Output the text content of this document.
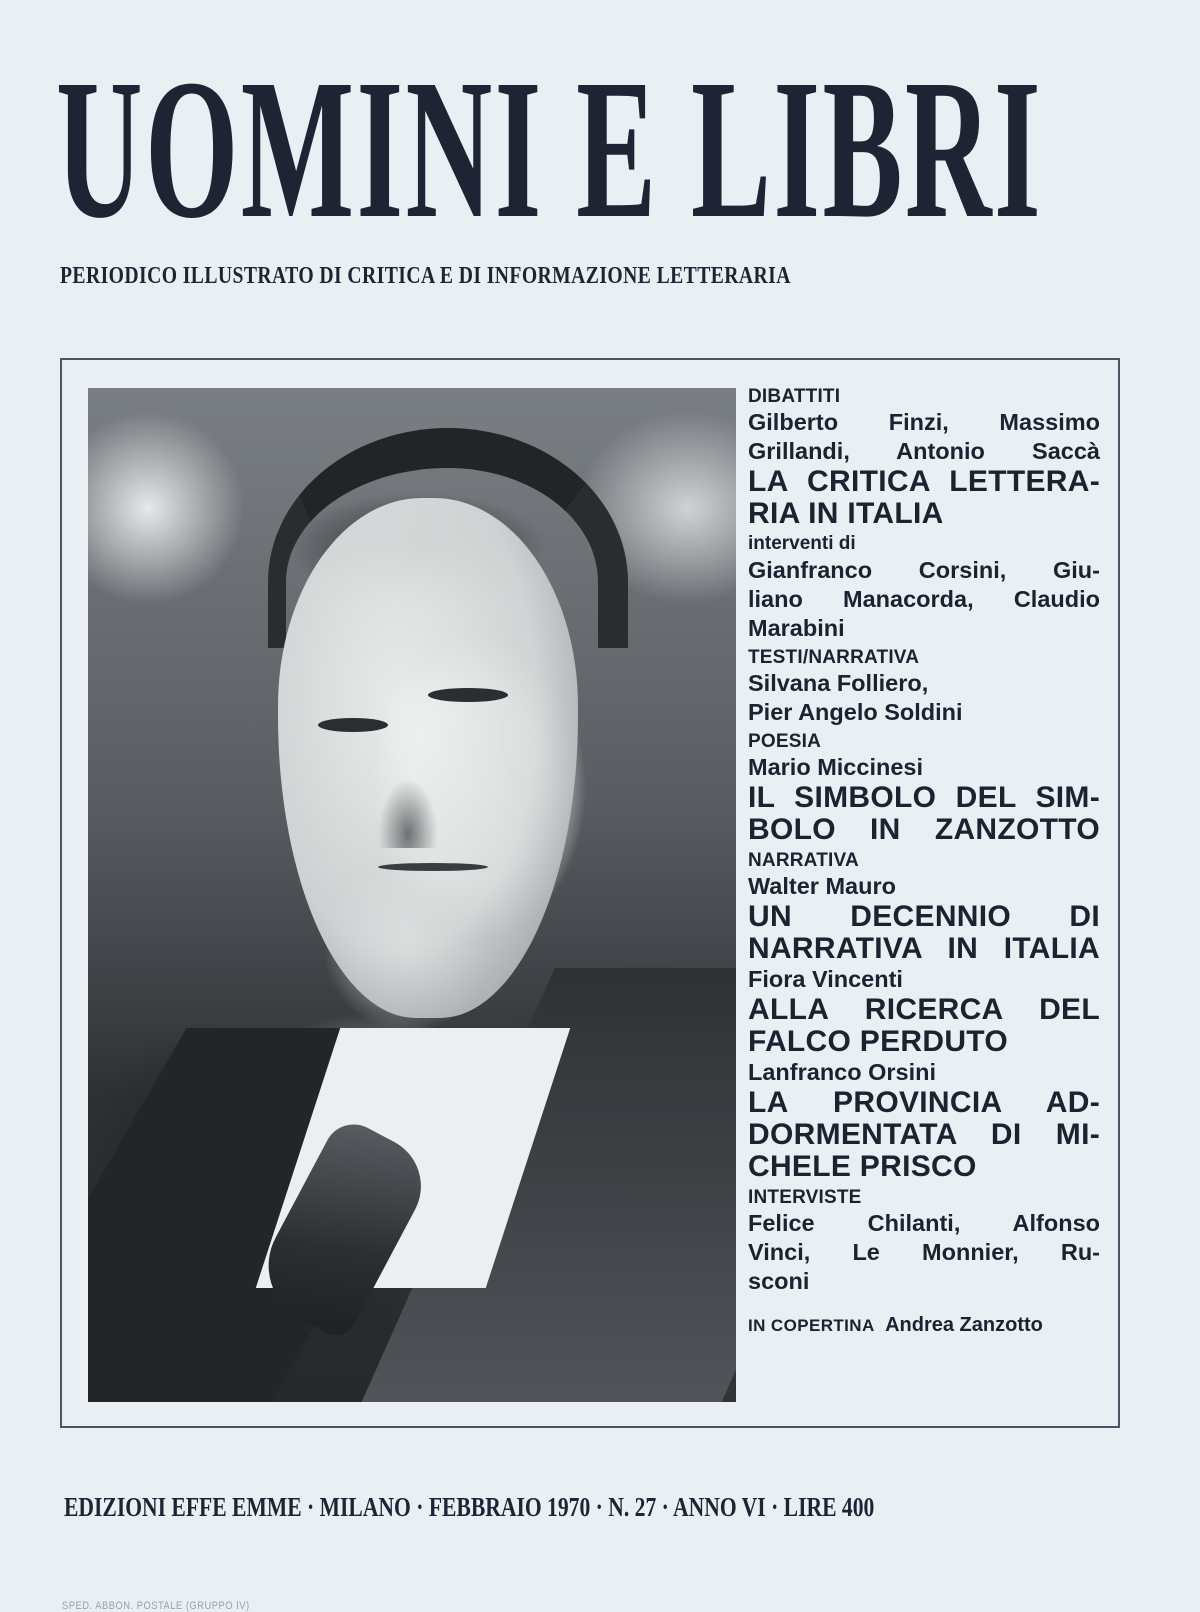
UOMINI E LIBRI
PERIODICO ILLUSTRATO DI CRITICA E DI INFORMAZIONE LETTERARIA
DIBATTITI
Gilberto Finzi, Massimo
Grillandi, Antonio Saccà
LA CRITICA LETTERA-
RIA IN ITALIA
interventi di
Gianfranco Corsini, Giu-
liano Manacorda, Claudio
Marabini
TESTI/NARRATIVA
Silvana Folliero,
Pier Angelo Soldini
POESIA
Mario Miccinesi
IL SIMBOLO DEL SIM-
BOLO IN ZANZOTTO
NARRATIVA
Walter Mauro
UN DECENNIO DI
NARRATIVA IN ITALIA
Fiora Vincenti
ALLA RICERCA DEL
FALCO PERDUTO
Lanfranco Orsini
LA PROVINCIA AD-
DORMENTATA DI MI-
CHELE PRISCO
INTERVISTE
Felice Chilanti, Alfonso
Vinci, Le Monnier, Ru-
sconi
IN COPERTINA Andrea Zanzotto
EDIZIONI EFFE EMME · MILANO · FEBBRAIO 1970 · N. 27 · ANNO VI · LIRE 400
SPED. ABBON. POSTALE (GRUPPO IV)
